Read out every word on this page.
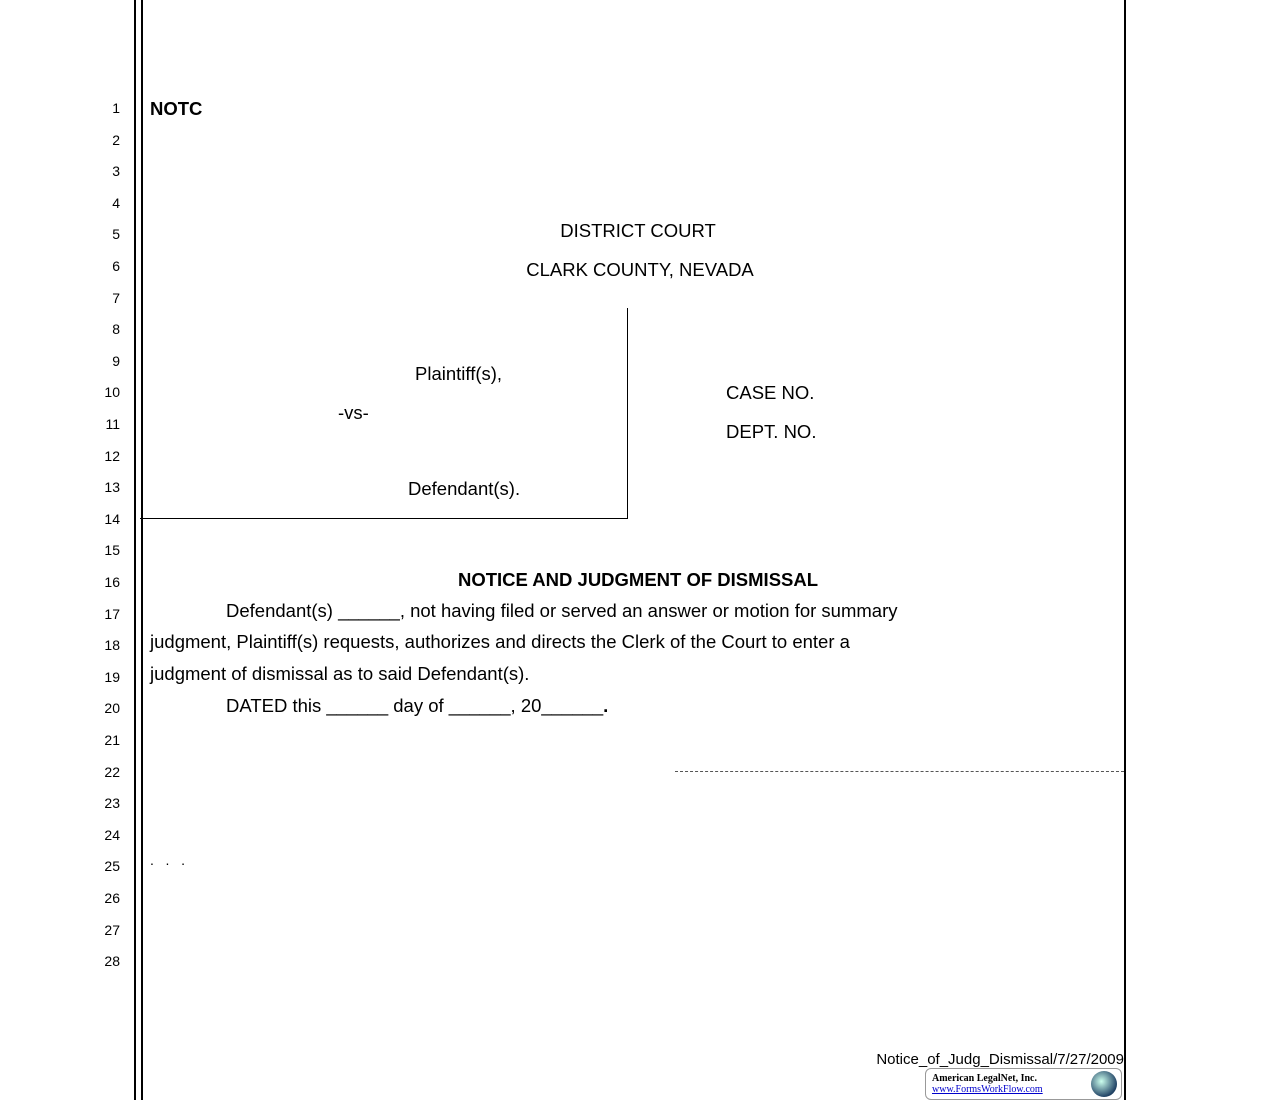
1
2
3
4
5
6
7
8
9
10
11
12
13
14
15
16
17
18
19
20
21
22
23
24
25
26
27
28
NOTC
DISTRICT COURT
CLARK COUNTY, NEVADA
Plaintiff(s),
-vs-
Defendant(s).
CASE NO.
DEPT. NO.
NOTICE AND JUDGMENT OF DISMISSAL
Defendant(s) ______, not having filed or served an answer or motion for summary
judgment, Plaintiff(s) requests, authorizes and directs the Clerk of the Court to enter a
judgment of dismissal as to said Defendant(s).
DATED this ______ day of ______, 20______.
.   .   .
Notice_of_Judg_Dismissal/7/27/2009
American LegalNet, Inc.
www.FormsWorkFlow.com
